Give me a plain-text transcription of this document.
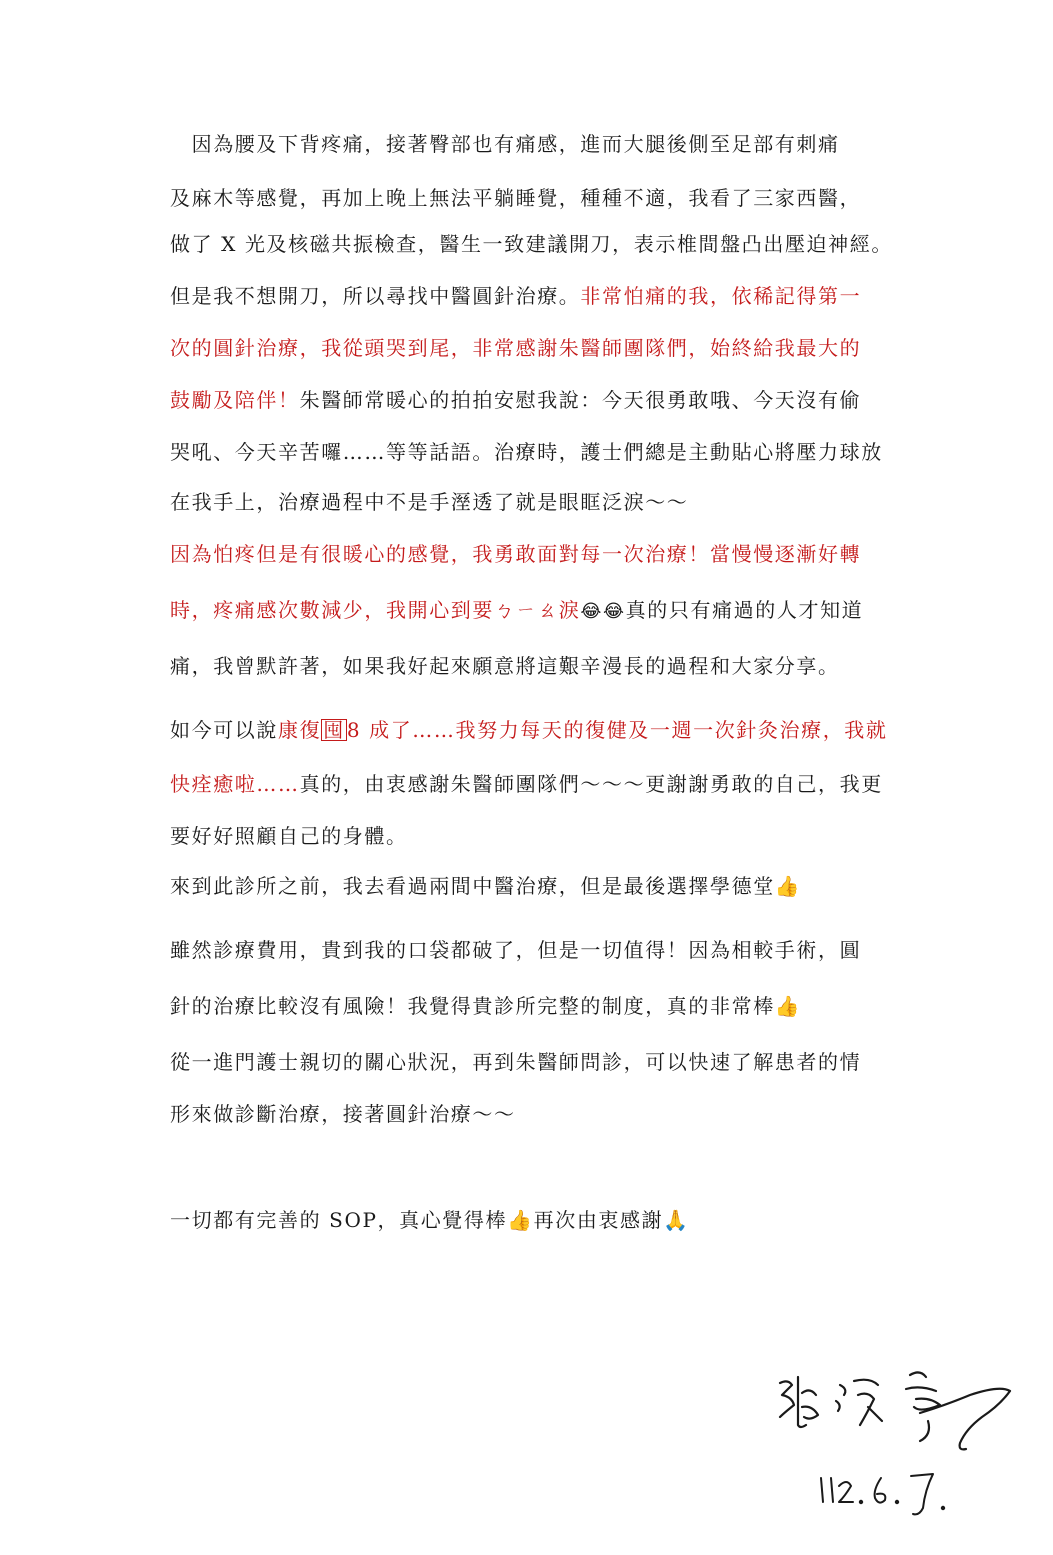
　因為腰及下背疼痛，接著臀部也有痛感，進而大腿後側至足部有刺痛
及麻木等感覺，再加上晚上無法平躺睡覺，種種不適，我看了三家西醫，
做了 X 光及核磁共振檢查，醫生一致建議開刀，表示椎間盤凸出壓迫神經。
但是我不想開刀，所以尋找中醫圓針治療。非常怕痛的我，依稀記得第一
次的圓針治療，我從頭哭到尾，非常感謝朱醫師團隊們，始終給我最大的
鼓勵及陪伴！朱醫師常暖心的拍拍安慰我說：今天很勇敢哦、今天沒有偷
哭吼、今天辛苦囉……等等話語。治療時，護士們總是主動貼心將壓力球放
在我手上，治療過程中不是手溼透了就是眼眶泛淚～～
因為怕疼但是有很暖心的感覺，我勇敢面對每一次治療！當慢慢逐漸好轉
時，疼痛感次數減少，我開心到要ㄅㄧㄠ淚😂😂真的只有痛過的人才知道
痛，我曾默許著，如果我好起來願意將這艱辛漫長的過程和大家分享。
如今可以說康復 囤 8 成了……我努力每天的復健及一週一次針灸治療，我就
快痊癒啦……真的，由衷感謝朱醫師團隊們～～～更謝謝勇敢的自己，我更
要好好照顧自己的身體。
來到此診所之前，我去看過兩間中醫治療，但是最後選擇學德堂👍
雖然診療費用，貴到我的口袋都破了，但是一切值得！因為相較手術，圓
針的治療比較沒有風險！我覺得貴診所完整的制度，真的非常棒👍
從一進門護士親切的關心狀況，再到朱醫師問診，可以快速了解患者的情
形來做診斷治療，接著圓針治療～～
一切都有完善的 SOP，真心覺得棒👍再次由衷感謝🙏
